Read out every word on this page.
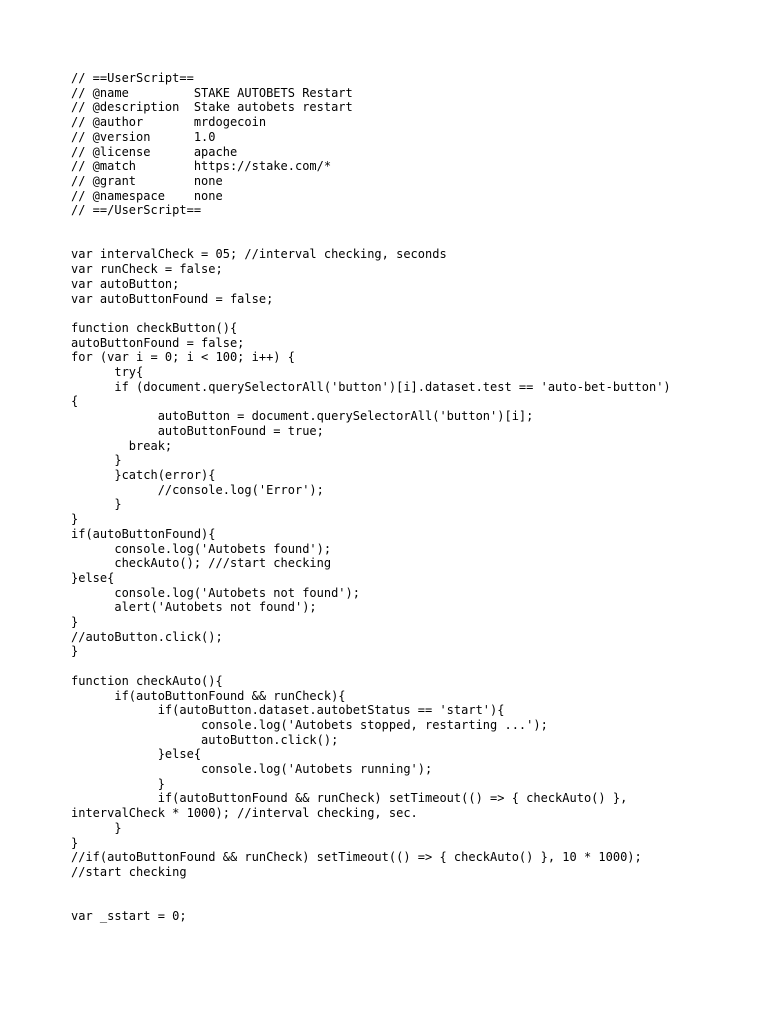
// ==UserScript==
// @name         STAKE AUTOBETS Restart
// @description  Stake autobets restart
// @author       mrdogecoin
// @version      1.0
// @license      apache
// @match        https://stake.com/*
// @grant        none
// @namespace    none
// ==/UserScript==

var intervalCheck = 05; //interval checking, seconds
var runCheck = false;
var autoButton;
var autoButtonFound = false;

function checkButton(){
autoButtonFound = false;
for (var i = 0; i < 100; i++) {
try{
if (document.querySelectorAll('button')[i].dataset.test == 'auto-bet-button')
{
autoButton = document.querySelectorAll('button')[i];
autoButtonFound = true;
break;
}
}catch(error){
//console.log('Error');
}
}
if(autoButtonFound){
console.log('Autobets found');
checkAuto(); ///start checking
}else{
console.log('Autobets not found');
alert('Autobets not found');
}
//autoButton.click();
}

function checkAuto(){
if(autoButtonFound && runCheck){
if(autoButton.dataset.autobetStatus == 'start'){
console.log('Autobets stopped, restarting ...');
autoButton.click();
}else{
console.log('Autobets running');
}
if(autoButtonFound && runCheck) setTimeout(() => { checkAuto() },
intervalCheck * 1000); //interval checking, sec.
}
}
//if(autoButtonFound && runCheck) setTimeout(() => { checkAuto() }, 10 * 1000);
//start checking

var _sstart = 0;
